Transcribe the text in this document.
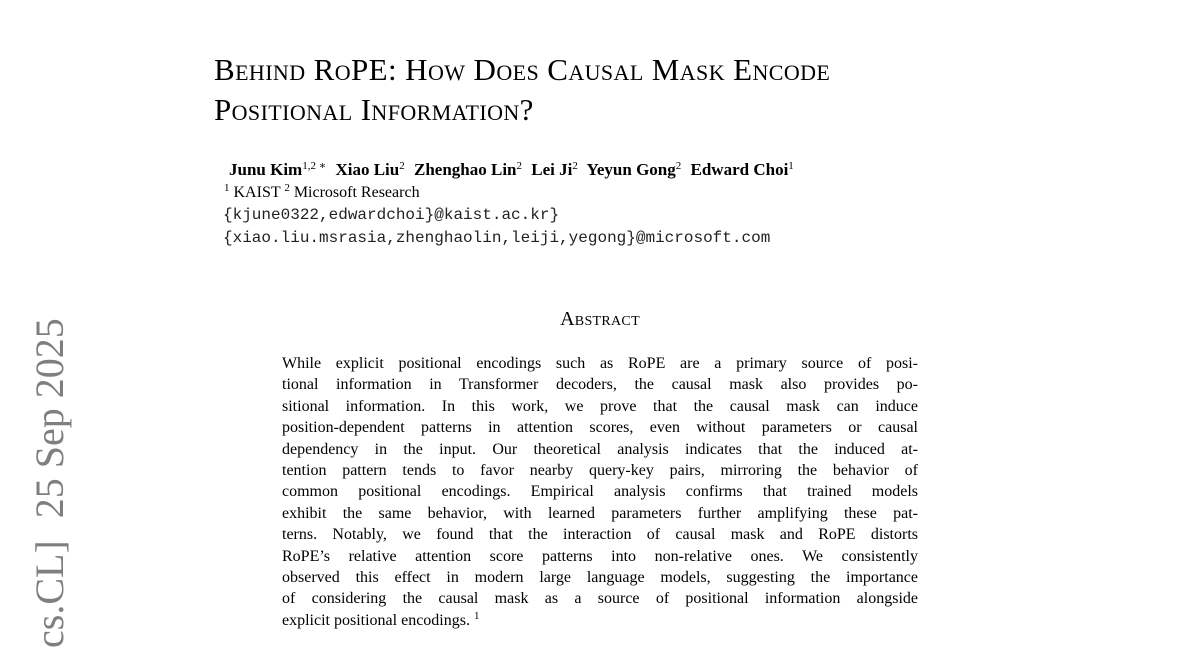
Behind RoPE: How Does Causal Mask Encode
Positional Information?
Junu Kim$^{1,2 ∗}$ Xiao Liu$^2$ Zhenghao Lin$^2$ Lei Ji$^2$ Yeyun Gong$^2$ Edward Choi$^1$
$^1$ KAIST $^2$ Microsoft Research
{kjune0322,edwardchoi}@kaist.ac.kr}
{xiao.liu.msrasia,zhenghaolin,leiji,yegong}@microsoft.com
Abstract
While explicit positional encodings such as RoPE are a primary source of posi-
tional information in Transformer decoders, the causal mask also provides po-
sitional information. In this work, we prove that the causal mask can induce
position-dependent patterns in attention scores, even without parameters or causal
dependency in the input. Our theoretical analysis indicates that the induced at-
tention pattern tends to favor nearby query-key pairs, mirroring the behavior of
common positional encodings. Empirical analysis confirms that trained models
exhibit the same behavior, with learned parameters further amplifying these pat-
terns. Notably, we found that the interaction of causal mask and RoPE distorts
RoPE’s relative attention score patterns into non-relative ones. We consistently
observed this effect in modern large language models, suggesting the importance
of considering the causal mask as a source of positional information alongside
explicit positional encodings. $^1$
cs.CL]25 Sep 2025
